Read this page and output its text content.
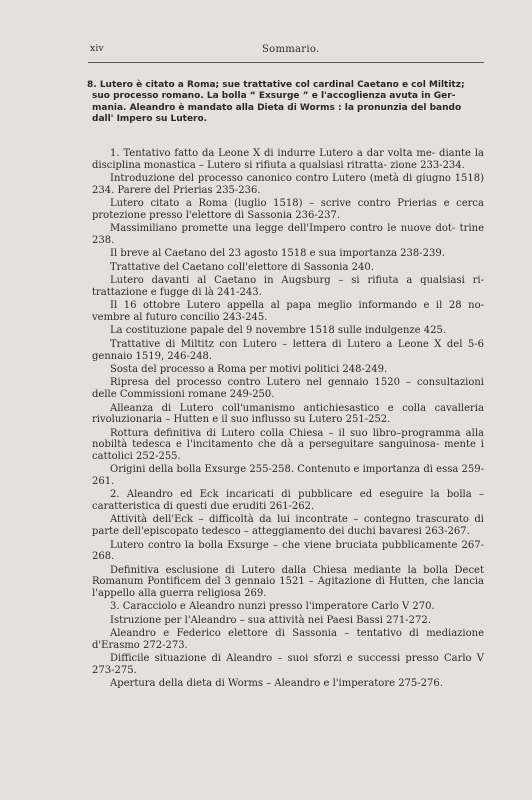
xiv	Sommario.
8. Lutero è citato a Roma; sue trattative col cardinal Caetano e col Miltitz;
suo processo romano. La bolla “ Exsurge ” e l'accoglienza avuta in Ger-
mania. Aleandro è mandato alla Dieta di Worms : la pronunzia del bando
dall' Impero su Lutero.

1. Tentativo fatto da Leone X di indurre Lutero a dar volta me- diante la disciplina monastica – Lutero si rifiuta a qualsiasi ritratta- zione 233-234.

Introduzione del processo canonico contro Lutero (metà di giugno 1518) 234. Parere del Prierias 235-236.

Lutero citato a Roma (luglio 1518) – scrive contro Prierias e cerca protezione presso l'elettore di Sassonia 236-237.

Massimiliano promette una legge dell'Impero contro le nuove dot- trine 238.

Il breve al Caetano del 23 agosto 1518 e sua importanza 238-239.

Trattative del Caetano coll'elettore di Sassonia 240.

Lutero davanti al Caetano in Augsburg – si rifiuta a qualsiasi ri- trattazione e fugge di là 241-243.

Il 16 ottobre Lutero appella al papa meglio informando e il 28 no- vembre al futuro concilio 243-245.

La costituzione papale del 9 novembre 1518 sulle indulgenze 425.

Trattative di Miltitz con Lutero – lettera di Lutero a Leone X del 5-6 gennaio 1519, 246-248.

Sosta del processo a Roma per motivi politici 248-249.

Ripresa del processo contro Lutero nel gennaio 1520 – consultazioni delle Commissioni romane 249-250.

Alleanza di Lutero coll'umanismo antichiesastico e colla cavalleria rivoluzionaria – Hutten e il suo influsso su Lutero 251-252.

Rottura definitiva di Lutero colla Chiesa – il suo libro–programma alla nobiltà tedesca e l'incitamento che dà a perseguitare sanguinosa- mente i cattolici 252-255.

Origini della bolla Exsurge 255-258. Contenuto e importanza di essa 259-261.

2. Aleandro ed Eck incaricati di pubblicare ed eseguire la bolla – caratteristica di questi due eruditi 261-262.

Attività dell'Eck – difficoltà da lui incontrate – contegno trascurato di parte dell'episcopato tedesco – atteggiamento dei duchi bavaresi 263-267.

Lutero contro la bolla Exsurge – che viene bruciata pubblicamente 267-268.

Definitiva esclusione di Lutero dalla Chiesa mediante la bolla Decet Romanum Pontificem del 3 gennaio 1521 – Agitazione di Hutten, che lancia l'appello alla guerra religiosa 269.

3. Caracciolo e Aleandro nunzi presso l'imperatore Carlo V 270.

Istruzione per l'Aleandro – sua attività nei Paesi Bassi 271-272.

Aleandro e Federico elettore di Sassonia – tentativo di mediazione d'Erasmo 272-273.

Difficile situazione di Aleandro – suoi sforzi e successi presso Carlo V 273-275.

Apertura della dieta di Worms – Aleandro e l'imperatore 275-276.
